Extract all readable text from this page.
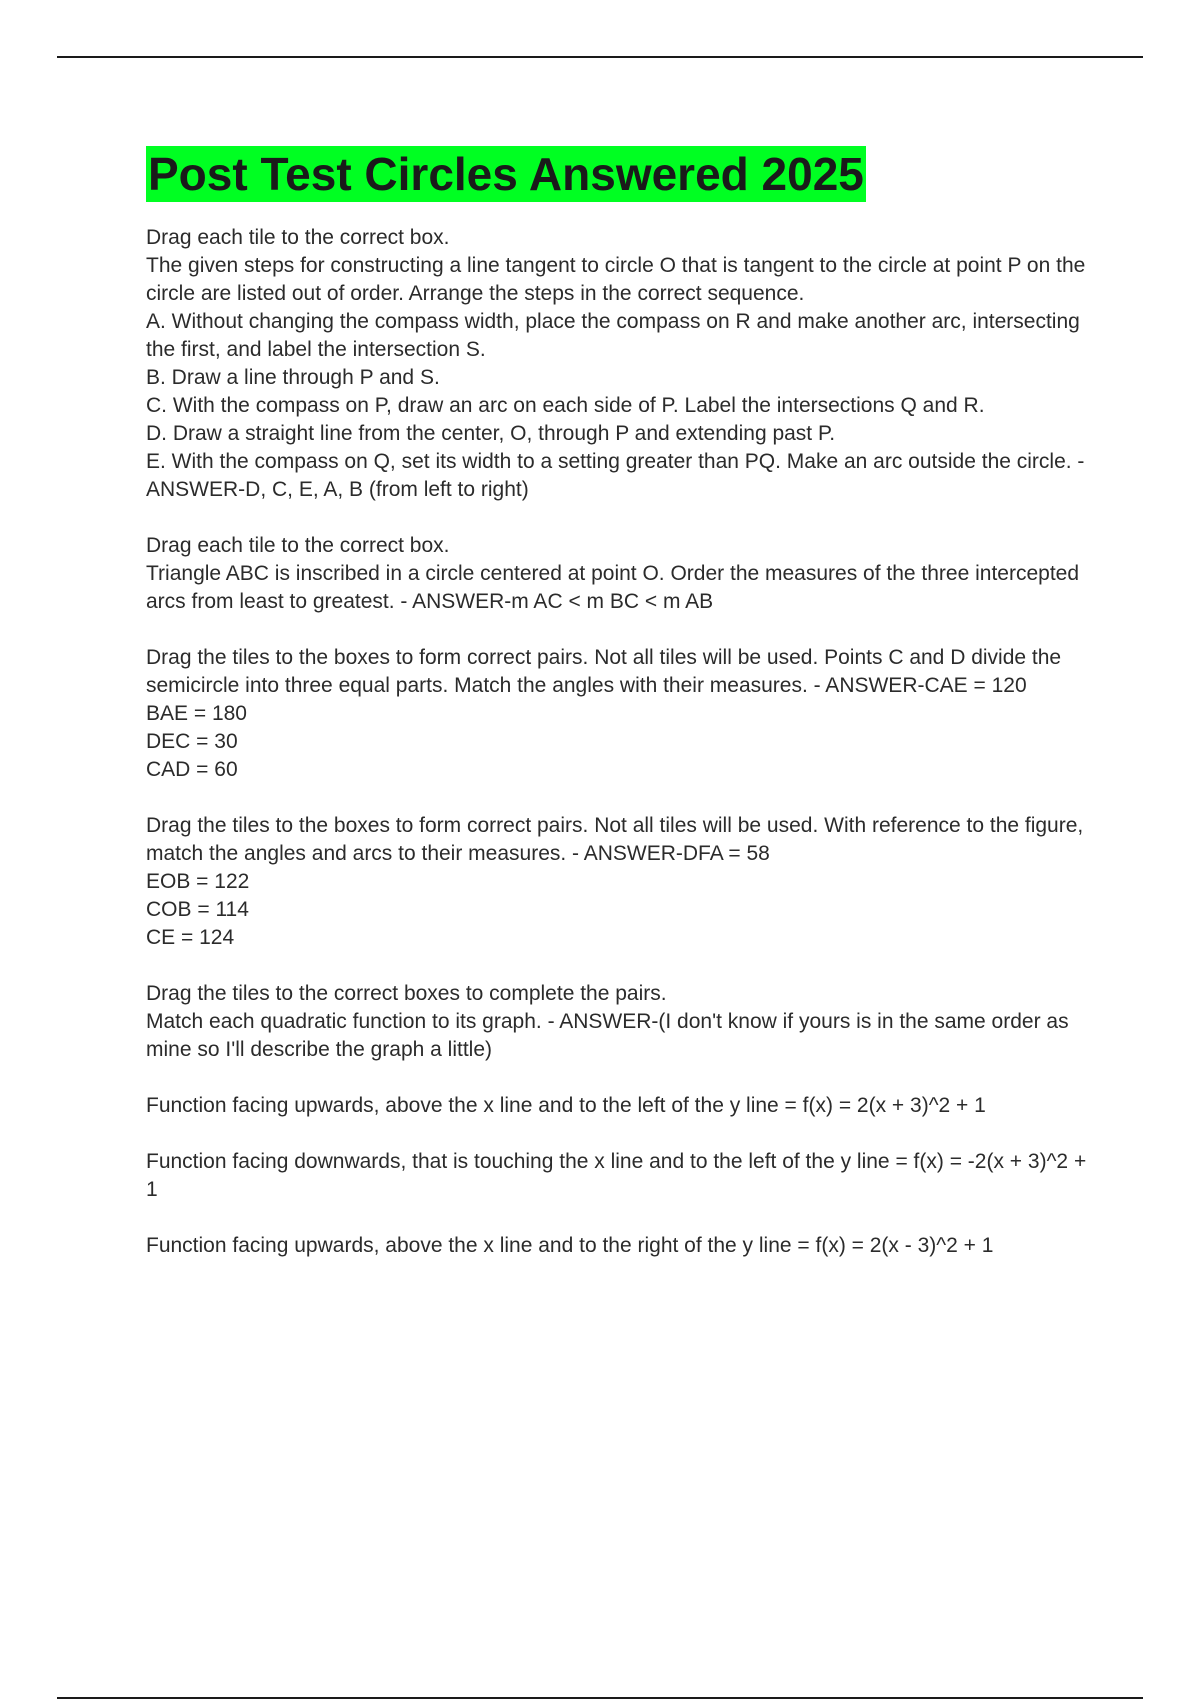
Post Test Circles Answered 2025
Drag each tile to the correct box.
The given steps for constructing a line tangent to circle O that is tangent to the circle at point P on the circle are listed out of order. Arrange the steps in the correct sequence.
A. Without changing the compass width, place the compass on R and make another arc, intersecting the first, and label the intersection S.
B. Draw a line through P and S.
C. With the compass on P, draw an arc on each side of P. Label the intersections Q and R.
D. Draw a straight line from the center, O, through P and extending past P.
E. With the compass on Q, set its width to a setting greater than PQ. Make an arc outside the circle. - ANSWER-D, C, E, A, B (from left to right)
Drag each tile to the correct box.
Triangle ABC is inscribed in a circle centered at point O. Order the measures of the three intercepted arcs from least to greatest. - ANSWER-m AC < m BC < m AB
Drag the tiles to the boxes to form correct pairs. Not all tiles will be used. Points C and D divide the semicircle into three equal parts. Match the angles with their measures. - ANSWER-CAE = 120
BAE = 180
DEC = 30
CAD = 60
Drag the tiles to the boxes to form correct pairs. Not all tiles will be used. With reference to the figure, match the angles and arcs to their measures. - ANSWER-DFA = 58
EOB = 122
COB = 114
CE = 124
Drag the tiles to the correct boxes to complete the pairs.
Match each quadratic function to its graph. - ANSWER-(I don't know if yours is in the same order as mine so I'll describe the graph a little)
Function facing upwards, above the x line and to the left of the y line = f(x) = 2(x + 3)^2 + 1
Function facing downwards, that is touching the x line and to the left of the y line = f(x) = -2(x + 3)^2 + 1
Function facing upwards, above the x line and to the right of the y line = f(x) = 2(x - 3)^2 + 1
